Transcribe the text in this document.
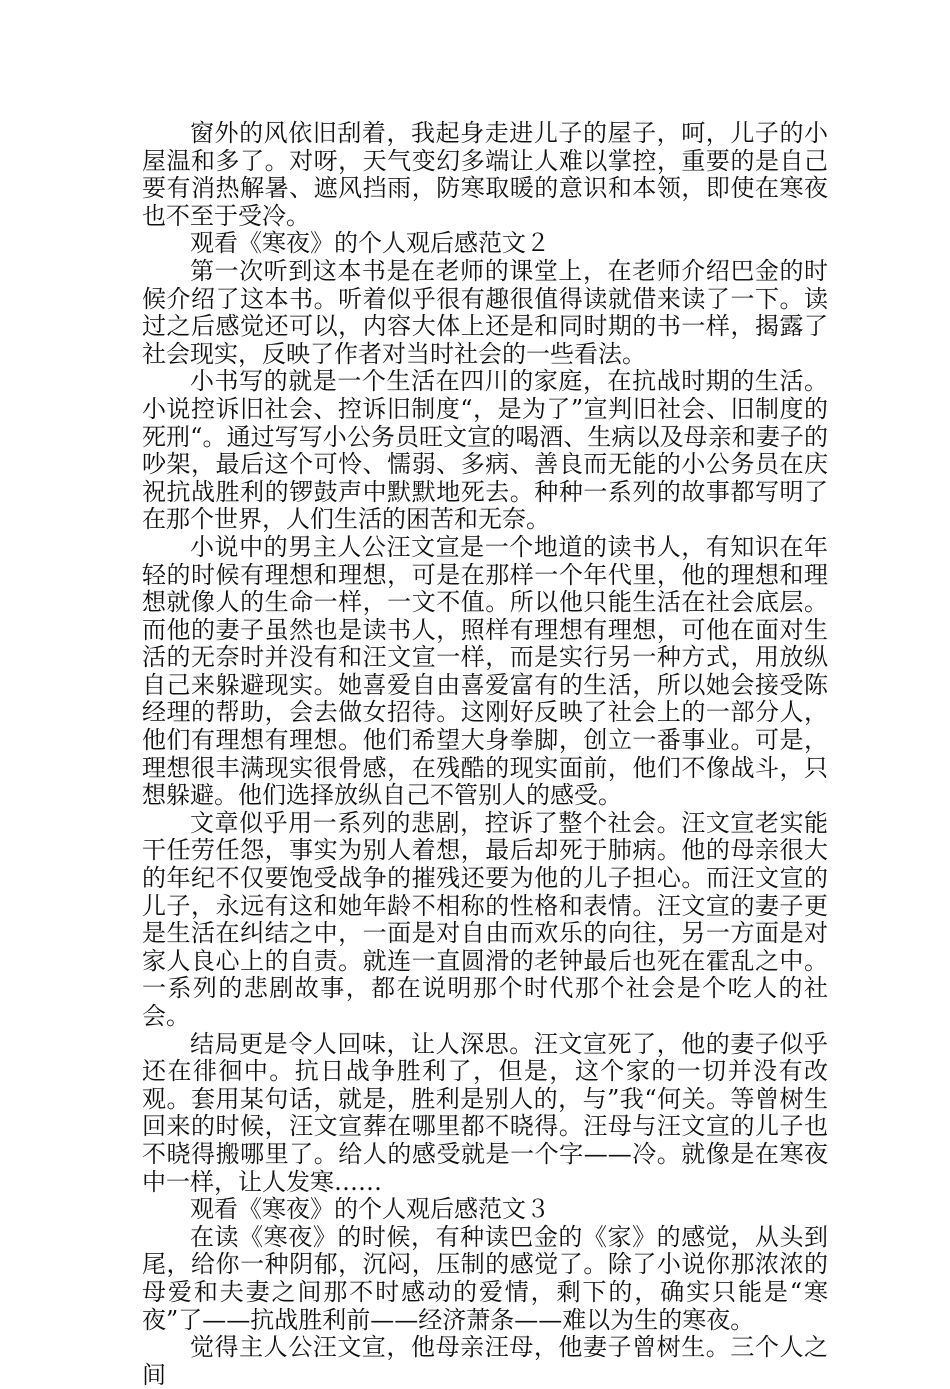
窗外的风依旧刮着，我起身走进儿子的屋子，呵，儿子的小屋温和多了。对呀，天气变幻多端让人难以掌控，重要的是自己要有消热解暑、遮风挡雨，防寒取暖的意识和本领，即使在寒夜也不至于受冷。

观看《寒夜》的个人观后感范文２

第一次听到这本书是在老师的课堂上，在老师介绍巴金的时候介绍了这本书。听着似乎很有趣很值得读就借来读了一下。读过之后感觉还可以，内容大体上还是和同时期的书一样，揭露了社会现实，反映了作者对当时社会的一些看法。

小书写的就是一个生活在四川的家庭，在抗战时期的生活。小说控诉旧社会、控诉旧制度“，是为了”宣判旧社会、旧制度的死刑“。通过写写小公务员旺文宣的喝酒、生病以及母亲和妻子的吵架，最后这个可怜、懦弱、多病、善良而无能的小公务员在庆祝抗战胜利的锣鼓声中默默地死去。种种一系列的故事都写明了在那个世界，人们生活的困苦和无奈。

小说中的男主人公汪文宣是一个地道的读书人，有知识在年轻的时候有理想和理想，可是在那样一个年代里，他的理想和理想就像人的生命一样，一文不值。所以他只能生活在社会底层。而他的妻子虽然也是读书人，照样有理想有理想，可他在面对生活的无奈时并没有和汪文宣一样，而是实行另一种方式，用放纵自己来躲避现实。她喜爱自由喜爱富有的生活，所以她会接受陈经理的帮助，会去做女招待。这刚好反映了社会上的一部分人，他们有理想有理想。他们希望大身拳脚，创立一番事业。可是，理想很丰满现实很骨感，在残酷的现实面前，他们不像战斗，只想躲避。他们选择放纵自己不管别人的感受。

文章似乎用一系列的悲剧，控诉了整个社会。汪文宣老实能干任劳任怨，事实为别人着想，最后却死于肺病。他的母亲很大的年纪不仅要饱受战争的摧残还要为他的儿子担心。而汪文宣的儿子，永远有这和她年龄不相称的性格和表情。汪文宣的妻子更是生活在纠结之中，一面是对自由而欢乐的向往，另一方面是对家人良心上的自责。就连一直圆滑的老钟最后也死在霍乱之中。一系列的悲剧故事，都在说明那个时代那个社会是个吃人的社会。

结局更是令人回味，让人深思。汪文宣死了，他的妻子似乎还在徘徊中。抗日战争胜利了，但是，这个家的一切并没有改观。套用某句话，就是，胜利是别人的，与”我“何关。等曾树生回来的时候，汪文宣葬在哪里都不晓得。汪母与汪文宣的儿子也不晓得搬哪里了。给人的感受就是一个字——冷。就像是在寒夜中一样，让人发寒……

观看《寒夜》的个人观后感范文３

在读《寒夜》的时候，有种读巴金的《家》的感觉，从头到尾，给你一种阴郁，沉闷，压制的感觉了。除了小说你那浓浓的母爱和夫妻之间那不时感动的爱情，剩下的，确实只能是“寒夜”了——抗战胜利前——经济萧条——难以为生的寒夜。

觉得主人公汪文宣，他母亲汪母，他妻子曾树生。三个人之间
